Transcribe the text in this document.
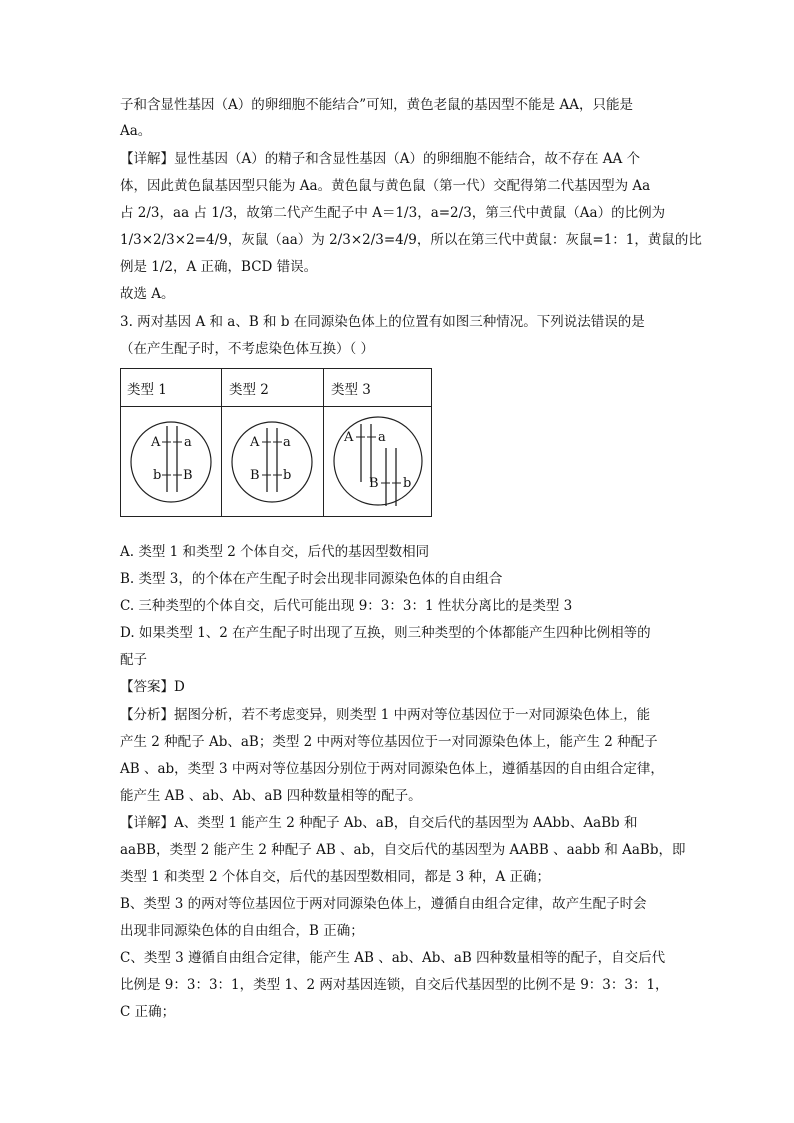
子和含显性基因（A）的卵细胞不能结合”可知，黄色老鼠的基因型不能是 AA，只能是
Aa。
【详解】显性基因（A）的精子和含显性基因（A）的卵细胞不能结合，故不存在 AA 个
体，因此黄色鼠基因型只能为 Aa。黄色鼠与黄色鼠（第一代）交配得第二代基因型为 Aa
占 2/3，aa 占 1/3，故第二代产生配子中 A＝1/3，a=2/3，第三代中黄鼠（Aa）的比例为
1/3×2/3×2=4/9，灰鼠（aa）为 2/3×2/3=4/9，所以在第三代中黄鼠：灰鼠=1：1，黄鼠的比
例是 1/2，A 正确，BCD 错误。
故选 A。
3. 两对基因 A 和 a、B 和 b 在同源染色体上的位置有如图三种情况。下列说法错误的是
（在产生配子时，不考虑染色体互换）（ ）
类型 1	类型 2	类型 3
A a
b B
A a
B b
A a
B b
A. 类型 1 和类型 2 个体自交，后代的基因型数相同
B. 类型 3，的个体在产生配子时会出现非同源染色体的自由组合
C. 三种类型的个体自交，后代可能出现 9：3：3：1 性状分离比的是类型 3
D. 如果类型 1、2 在产生配子时出现了互换，则三种类型的个体都能产生四种比例相等的
配子
【答案】D
【分析】据图分析，若不考虑变异，则类型 1 中两对等位基因位于一对同源染色体上，能
产生 2 种配子 Ab、aB；类型 2 中两对等位基因位于一对同源染色体上，能产生 2 种配子
AB 、ab，类型 3 中两对等位基因分别位于两对同源染色体上，遵循基因的自由组合定律，
能产生 AB 、ab、Ab、aB 四种数量相等的配子。
【详解】A、类型 1 能产生 2 种配子 Ab、aB，自交后代的基因型为 AAbb、AaBb 和
aaBB，类型 2 能产生 2 种配子 AB 、ab，自交后代的基因型为 AABB 、aabb 和 AaBb，即
类型 1 和类型 2 个体自交，后代的基因型数相同，都是 3 种，A 正确；
B、类型 3 的两对等位基因位于两对同源染色体上，遵循自由组合定律，故产生配子时会
出现非同源染色体的自由组合，B 正确；
C、类型 3 遵循自由组合定律，能产生 AB 、ab、Ab、aB 四种数量相等的配子，自交后代
比例是 9：3：3：1，类型 1、2 两对基因连锁，自交后代基因型的比例不是 9：3：3：1，
C 正确；
